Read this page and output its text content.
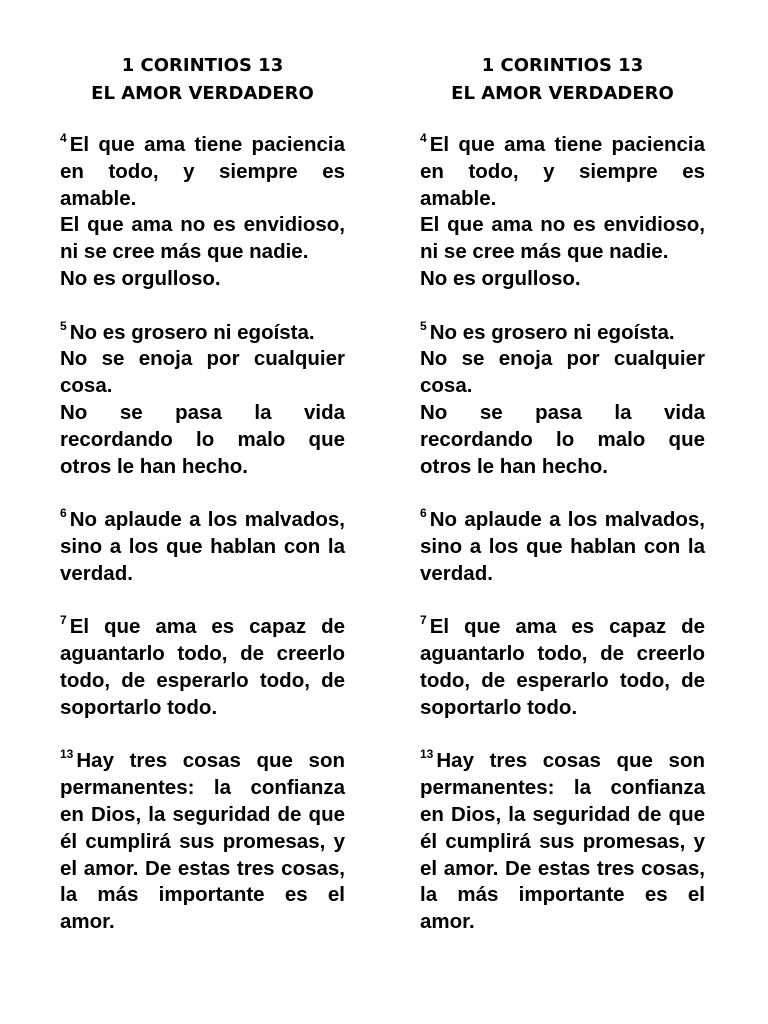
1 CORINTIOS 13
EL AMOR VERDADERO
$^4$ El que ama tiene paciencia en todo, y siempre es amable.
El que ama no es envidioso, ni se cree más que nadie.
No es orgulloso.
$^5$ No es grosero ni egoísta.
No se enoja por cualquier cosa.
No se pasa la vida recordando lo malo que otros le han hecho.
$^6$ No aplaude a los malvados, sino a los que hablan con la verdad.
$^7$ El que ama es capaz de aguantarlo todo, de creerlo todo, de esperarlo todo, de soportarlo todo.
$^{13}$ Hay tres cosas que son permanentes: la confianza en Dios, la seguridad de que él cumplirá sus promesas, y el amor. De estas tres cosas, la más importante es el amor.
1 CORINTIOS 13
EL AMOR VERDADERO
$^4$ El que ama tiene paciencia en todo, y siempre es amable.
El que ama no es envidioso, ni se cree más que nadie.
No es orgulloso.
$^5$ No es grosero ni egoísta.
No se enoja por cualquier cosa.
No se pasa la vida recordando lo malo que otros le han hecho.
$^6$ No aplaude a los malvados, sino a los que hablan con la verdad.
$^7$ El que ama es capaz de aguantarlo todo, de creerlo todo, de esperarlo todo, de soportarlo todo.
$^{13}$ Hay tres cosas que son permanentes: la confianza en Dios, la seguridad de que él cumplirá sus promesas, y el amor. De estas tres cosas, la más importante es el amor.
